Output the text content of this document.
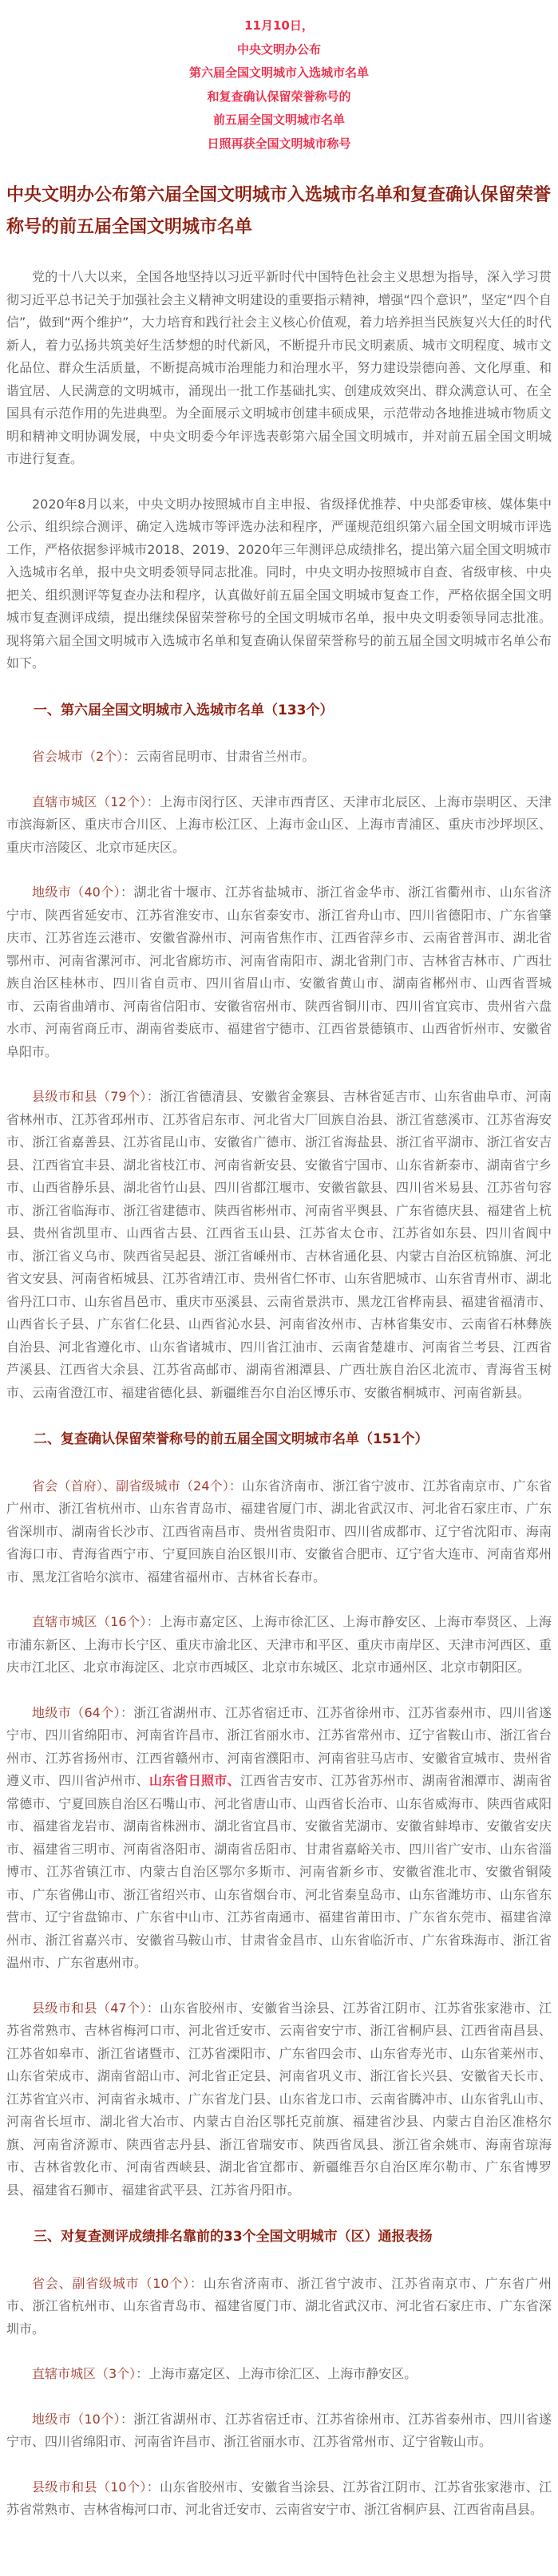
11月10日，

中央文明办公布

第六届全国文明城市入选城市名单

和复查确认保留荣誉称号的

前五届全国文明城市名单

日照再获全国文明城市称号

中央文明办公布第六届全国文明城市入选城市名单和复查确认保留荣誉称号的前五届全国文明城市名单

党的十八大以来，全国各地坚持以习近平新时代中国特色社会主义思想为指导，深入学习贯彻习近平总书记关于加强社会主义精神文明建设的重要指示精神，增强“四个意识”，坚定“四个自信”，做到“两个维护”，大力培育和践行社会主义核心价值观，着力培养担当民族复兴大任的时代新人，着力弘扬共筑美好生活梦想的时代新风，不断提升市民文明素质、城市文明程度、城市文化品位、群众生活质量，不断提高城市治理能力和治理水平，努力建设崇德向善、文化厚重、和谐宜居、人民满意的文明城市，涌现出一批工作基础扎实、创建成效突出、群众满意认可、在全国具有示范作用的先进典型。为全面展示文明城市创建丰硕成果，示范带动各地推进城市物质文明和精神文明协调发展，中央文明委今年评选表彰第六届全国文明城市，并对前五届全国文明城市进行复查。

2020年8月以来，中央文明办按照城市自主申报、省级择优推荐、中央部委审核、媒体集中公示、组织综合测评、确定入选城市等评选办法和程序，严谨规范组织第六届全国文明城市评选工作，严格依据参评城市2018、2019、2020年三年测评总成绩排名，提出第六届全国文明城市入选城市名单，报中央文明委领导同志批准。同时，中央文明办按照城市自查、省级审核、中央把关、组织测评等复查办法和程序，认真做好前五届全国文明城市复查工作，严格依据全国文明城市复查测评成绩，提出继续保留荣誉称号的全国文明城市名单，报中央文明委领导同志批准。现将第六届全国文明城市入选城市名单和复查确认保留荣誉称号的前五届全国文明城市名单公布如下。

一、第六届全国文明城市入选城市名单（133个）

省会城市（2个）：云南省昆明市、甘肃省兰州市。

直辖市城区（12个）：上海市闵行区、天津市西青区、天津市北辰区、上海市崇明区、天津市滨海新区、重庆市合川区、上海市松江区、上海市金山区、上海市青浦区、重庆市沙坪坝区、重庆市涪陵区、北京市延庆区。

地级市（40个）：湖北省十堰市、江苏省盐城市、浙江省金华市、浙江省衢州市、山东省济宁市、陕西省延安市、江苏省淮安市、山东省泰安市、浙江省舟山市、四川省德阳市、广东省肇庆市、江苏省连云港市、安徽省滁州市、河南省焦作市、江西省萍乡市、云南省普洱市、湖北省鄂州市、河南省漯河市、河北省廊坊市、河南省南阳市、湖北省荆门市、吉林省吉林市、广西壮族自治区桂林市、四川省自贡市、四川省眉山市、安徽省黄山市、湖南省郴州市、山西省晋城市、云南省曲靖市、河南省信阳市、安徽省宿州市、陕西省铜川市、四川省宜宾市、贵州省六盘水市、河南省商丘市、湖南省娄底市、福建省宁德市、江西省景德镇市、山西省忻州市、安徽省阜阳市。

县级市和县（79个）：浙江省德清县、安徽省金寨县、吉林省延吉市、山东省曲阜市、河南省林州市、江苏省邳州市、江苏省启东市、河北省大厂回族自治县、浙江省慈溪市、江苏省海安市、浙江省嘉善县、江苏省昆山市、安徽省广德市、浙江省海盐县、浙江省平湖市、浙江省安吉县、江西省宜丰县、湖北省枝江市、河南省新安县、安徽省宁国市、山东省新泰市、湖南省宁乡市、山西省静乐县、湖北省竹山县、四川省都江堰市、安徽省歙县、四川省米易县、江苏省句容市、浙江省临海市、浙江省建德市、陕西省彬州市、河南省平舆县、广东省德庆县、福建省上杭县、贵州省凯里市、山西省古县、江西省玉山县、江苏省太仓市、江苏省如东县、四川省阆中市、浙江省义乌市、陕西省吴起县、浙江省嵊州市、吉林省通化县、内蒙古自治区杭锦旗、河北省文安县、河南省柘城县、江苏省靖江市、贵州省仁怀市、山东省肥城市、山东省青州市、湖北省丹江口市、山东省昌邑市、重庆市巫溪县、云南省景洪市、黑龙江省桦南县、福建省福清市、山西省长子县、广东省仁化县、山西省沁水县、河南省汝州市、吉林省集安市、云南省石林彝族自治县、河北省遵化市、山东省诸城市、四川省江油市、云南省楚雄市、河南省兰考县、江西省芦溪县、江西省大余县、江苏省高邮市、湖南省湘潭县、广西壮族自治区北流市、青海省玉树市、云南省澄江市、福建省德化县、新疆维吾尔自治区博乐市、安徽省桐城市、河南省新县。

二、复查确认保留荣誉称号的前五届全国文明城市名单（151个）

省会（首府）、副省级城市（24个）：山东省济南市、浙江省宁波市、江苏省南京市、广东省广州市、浙江省杭州市、山东省青岛市、福建省厦门市、湖北省武汉市、河北省石家庄市、广东省深圳市、湖南省长沙市、江西省南昌市、贵州省贵阳市、四川省成都市、辽宁省沈阳市、海南省海口市、青海省西宁市、宁夏回族自治区银川市、安徽省合肥市、辽宁省大连市、河南省郑州市、黑龙江省哈尔滨市、福建省福州市、吉林省长春市。

直辖市城区（16个）：上海市嘉定区、上海市徐汇区、上海市静安区、上海市奉贤区、上海市浦东新区、上海市长宁区、重庆市渝北区、天津市和平区、重庆市南岸区、天津市河西区、重庆市江北区、北京市海淀区、北京市西城区、北京市东城区、北京市通州区、北京市朝阳区。

地级市（64个）：浙江省湖州市、江苏省宿迁市、江苏省徐州市、江苏省泰州市、四川省遂宁市、四川省绵阳市、河南省许昌市、浙江省丽水市、江苏省常州市、辽宁省鞍山市、浙江省台州市、江苏省扬州市、江西省赣州市、河南省濮阳市、河南省驻马店市、安徽省宣城市、贵州省遵义市、四川省泸州市、山东省日照市、江西省吉安市、江苏省苏州市、湖南省湘潭市、湖南省常德市、宁夏回族自治区石嘴山市、河北省唐山市、山西省长治市、山东省威海市、陕西省咸阳市、福建省龙岩市、湖南省株洲市、湖北省宜昌市、安徽省芜湖市、安徽省蚌埠市、安徽省安庆市、福建省三明市、河南省洛阳市、湖南省岳阳市、甘肃省嘉峪关市、四川省广安市、山东省淄博市、江苏省镇江市、内蒙古自治区鄂尔多斯市、河南省新乡市、安徽省淮北市、安徽省铜陵市、广东省佛山市、浙江省绍兴市、山东省烟台市、河北省秦皇岛市、山东省潍坊市、山东省东营市、辽宁省盘锦市、广东省中山市、江苏省南通市、福建省莆田市、广东省东莞市、福建省漳州市、浙江省嘉兴市、安徽省马鞍山市、甘肃省金昌市、山东省临沂市、广东省珠海市、浙江省温州市、广东省惠州市。

县级市和县（47个）：山东省胶州市、安徽省当涂县、江苏省江阴市、江苏省张家港市、江苏省常熟市、吉林省梅河口市、河北省迁安市、云南省安宁市、浙江省桐庐县、江西省南昌县、江苏省如皋市、浙江省诸暨市、江苏省溧阳市、广东省四会市、山东省寿光市、山东省莱州市、山东省荣成市、湖南省韶山市、河北省正定县、河南省巩义市、浙江省长兴县、安徽省天长市、江苏省宜兴市、河南省永城市、广东省龙门县、山东省龙口市、云南省腾冲市、山东省乳山市、河南省长垣市、湖北省大冶市、内蒙古自治区鄂托克前旗、福建省沙县、内蒙古自治区准格尔旗、河南省济源市、陕西省志丹县、浙江省瑞安市、陕西省凤县、浙江省余姚市、海南省琼海市、吉林省敦化市、河南省西峡县、湖北省宜都市、新疆维吾尔自治区库尔勒市、广东省博罗县、福建省石狮市、福建省武平县、江苏省丹阳市。

三、对复查测评成绩排名靠前的33个全国文明城市（区）通报表扬

省会、副省级城市（10个）：山东省济南市、浙江省宁波市、江苏省南京市、广东省广州市、浙江省杭州市、山东省青岛市、福建省厦门市、湖北省武汉市、河北省石家庄市、广东省深圳市。

直辖市城区（3个）：上海市嘉定区、上海市徐汇区、上海市静安区。

地级市（10个）：浙江省湖州市、江苏省宿迁市、江苏省徐州市、江苏省泰州市、四川省遂宁市、四川省绵阳市、河南省许昌市、浙江省丽水市、江苏省常州市、辽宁省鞍山市。

县级市和县（10个）：山东省胶州市、安徽省当涂县、江苏省江阴市、江苏省张家港市、江苏省常熟市、吉林省梅河口市、河北省迁安市、云南省安宁市、浙江省桐庐县、江西省南昌县。
